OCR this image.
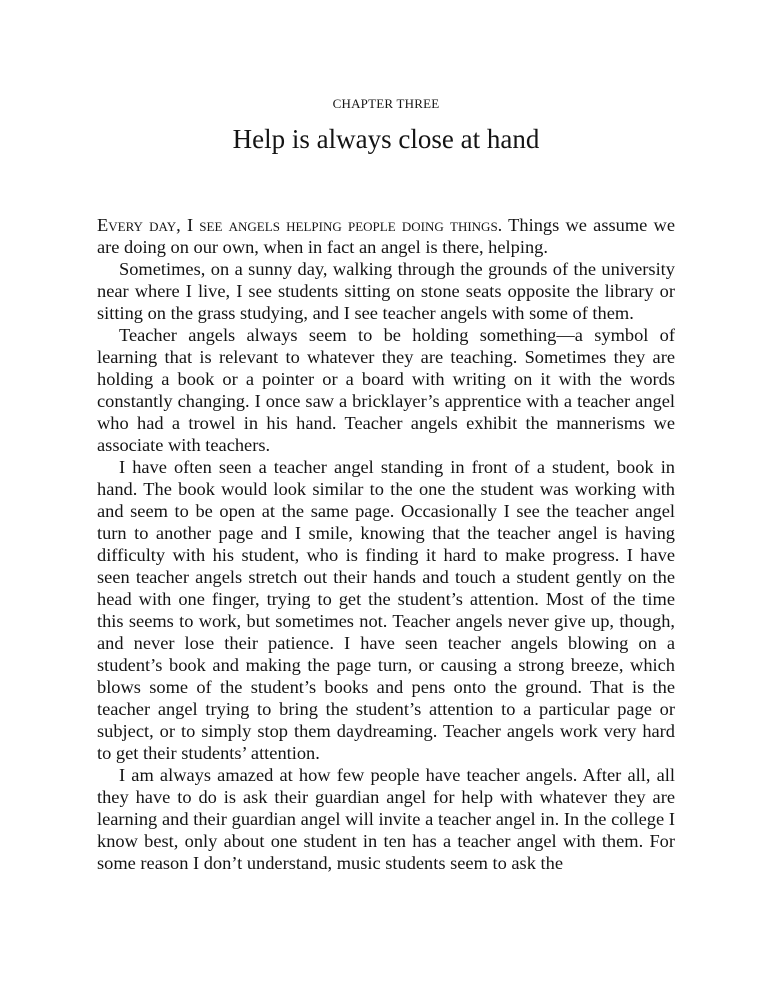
CHAPTER THREE
Help is always close at hand

Every day, I see angels helping people doing things. Things we assume we are doing on our own, when in fact an angel is there, helping.

Sometimes, on a sunny day, walking through the grounds of the university near where I live, I see students sitting on stone seats opposite the library or sitting on the grass studying, and I see teacher angels with some of them.

Teacher angels always seem to be holding something—a symbol of learning that is relevant to whatever they are teaching. Sometimes they are holding a book or a pointer or a board with writing on it with the words constantly changing. I once saw a bricklayer’s apprentice with a teacher angel who had a trowel in his hand. Teacher angels exhibit the mannerisms we associate with teachers.

I have often seen a teacher angel standing in front of a student, book in hand. The book would look similar to the one the student was working with and seem to be open at the same page. Occasionally I see the teacher angel turn to another page and I smile, knowing that the teacher angel is having difficulty with his student, who is finding it hard to make progress. I have seen teacher angels stretch out their hands and touch a student gently on the head with one finger, trying to get the student’s attention. Most of the time this seems to work, but sometimes not. Teacher angels never give up, though, and never lose their patience. I have seen teacher angels blowing on a student’s book and making the page turn, or causing a strong breeze, which blows some of the student’s books and pens onto the ground. That is the teacher angel trying to bring the student’s attention to a particular page or subject, or to simply stop them daydreaming. Teacher angels work very hard to get their students’ attention.

I am always amazed at how few people have teacher angels. After all, all they have to do is ask their guardian angel for help with whatever they are learning and their guardian angel will invite a teacher angel in. In the college I know best, only about one student in ten has a teacher angel with them. For some reason I don’t understand, music students seem to ask the
